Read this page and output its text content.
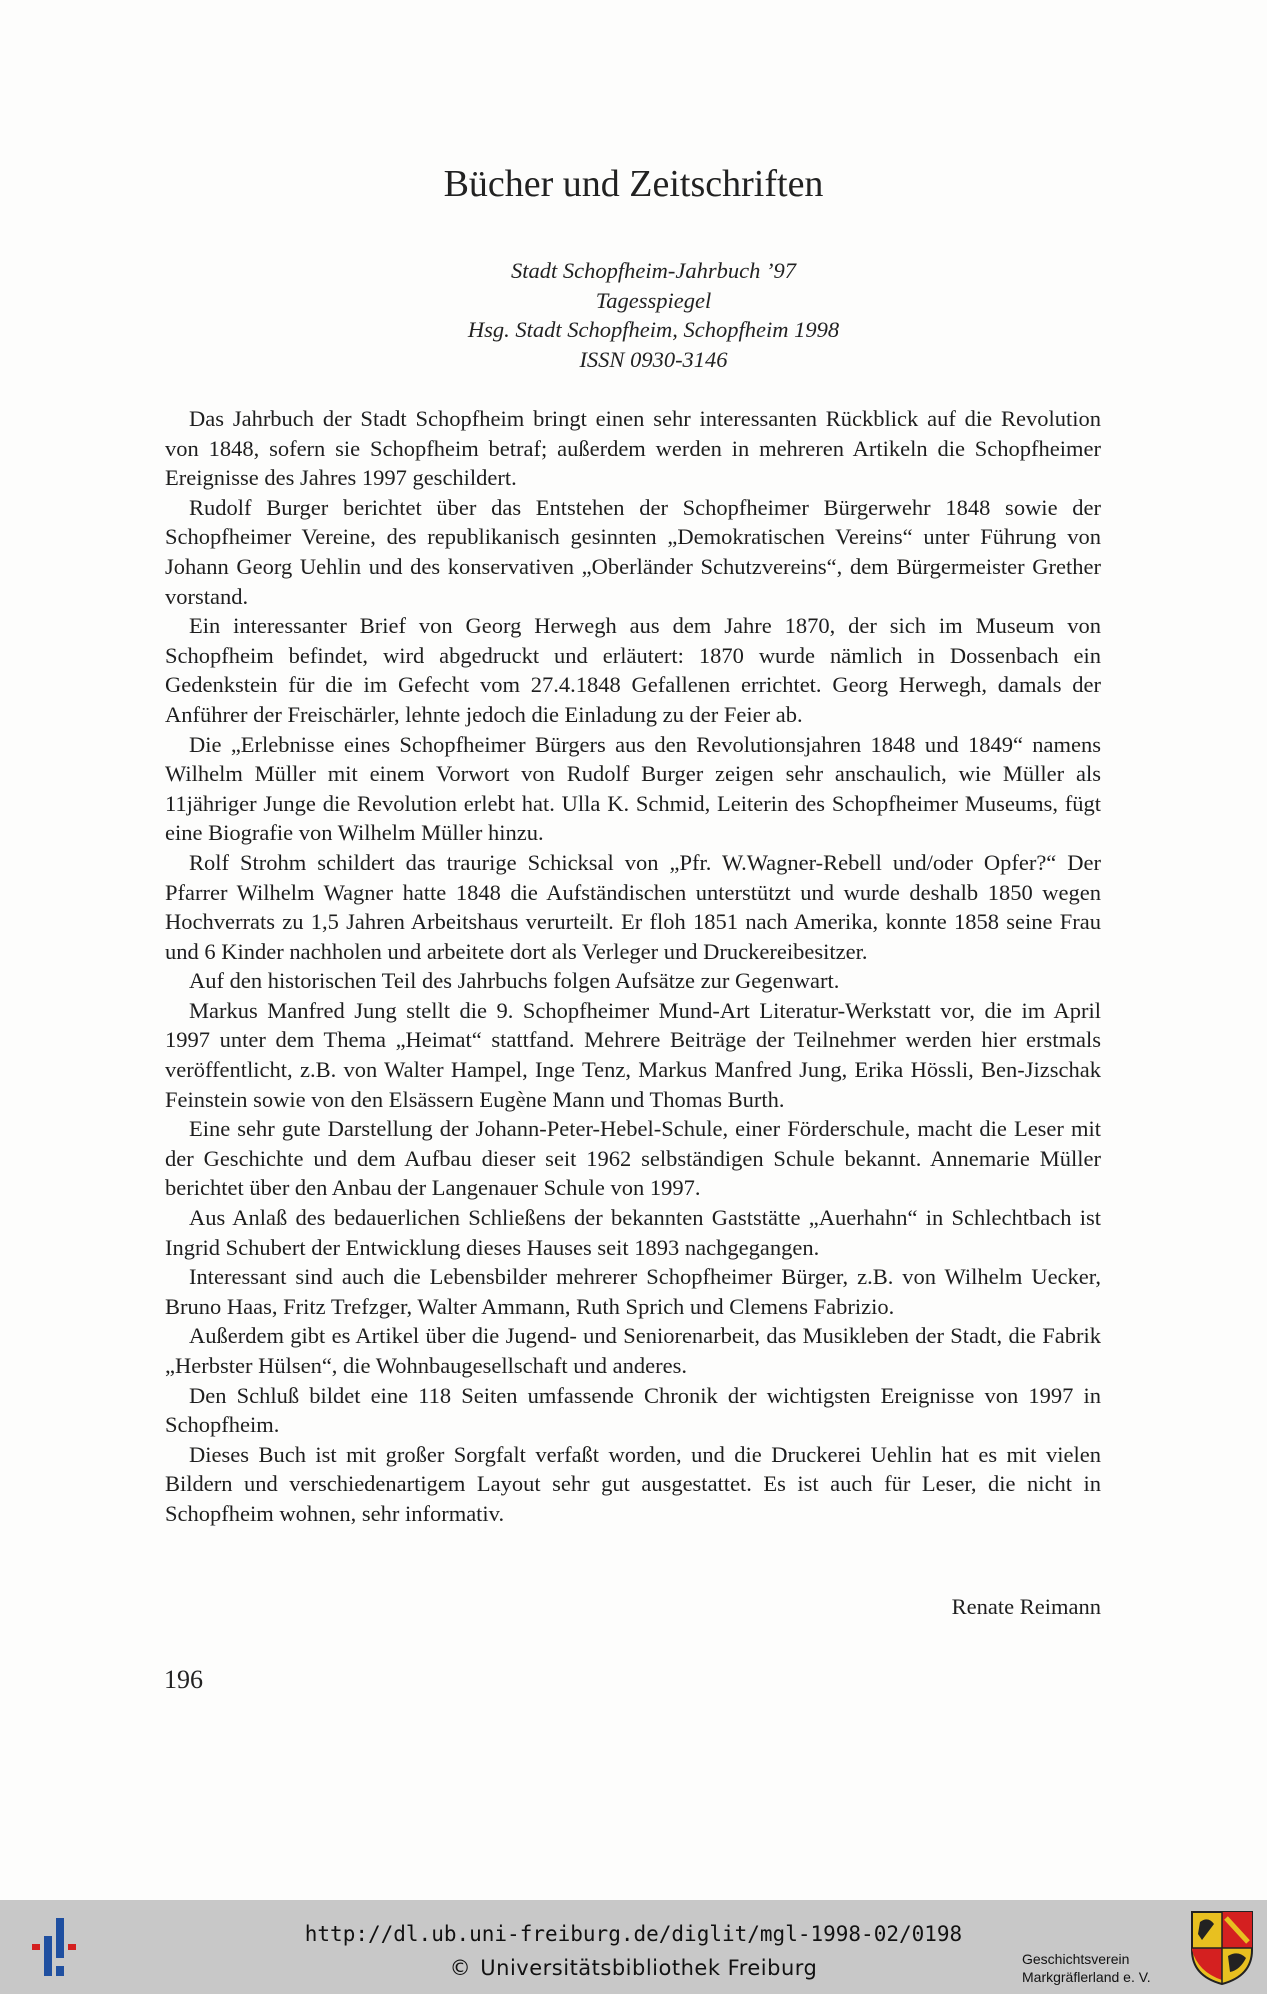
Bücher und Zeitschriften
Stadt Schopfheim-Jahrbuch ’97
Tagesspiegel
Hsg. Stadt Schopfheim, Schopfheim 1998
ISSN 0930-3146

Das Jahrbuch der Stadt Schopfheim bringt einen sehr interessanten Rückblick auf die Revolution von 1848, sofern sie Schopfheim betraf; außerdem werden in mehreren Artikeln die Schopfheimer Ereignisse des Jahres 1997 geschildert.

Rudolf Burger berichtet über das Entstehen der Schopfheimer Bürgerwehr 1848 sowie der Schopfheimer Vereine, des republikanisch gesinnten „Demokratischen Vereins“ unter Führung von Johann Georg Uehlin und des konservativen „Oberländer Schutzvereins“, dem Bürgermeister Grether vorstand.

Ein interessanter Brief von Georg Herwegh aus dem Jahre 1870, der sich im Museum von Schopfheim befindet, wird abgedruckt und erläutert: 1870 wurde nämlich in Dossenbach ein Gedenkstein für die im Gefecht vom 27.4.1848 Gefallenen errichtet. Georg Herwegh, damals der Anführer der Freischärler, lehnte jedoch die Einladung zu der Feier ab.

Die „Erlebnisse eines Schopfheimer Bürgers aus den Revolutionsjahren 1848 und 1849“ namens Wilhelm Müller mit einem Vorwort von Rudolf Burger zeigen sehr anschaulich, wie Müller als 11jähriger Junge die Revolution erlebt hat. Ulla K. Schmid, Leiterin des Schopfheimer Museums, fügt eine Biografie von Wilhelm Müller hinzu.

Rolf Strohm schildert das traurige Schicksal von „Pfr. W.Wagner-Rebell und/oder Opfer?“ Der Pfarrer Wilhelm Wagner hatte 1848 die Aufständischen unterstützt und wurde deshalb 1850 wegen Hochverrats zu 1,5 Jahren Arbeitshaus verurteilt. Er floh 1851 nach Amerika, konnte 1858 seine Frau und 6 Kinder nachholen und arbeitete dort als Verleger und Druckereibesitzer.

Auf den historischen Teil des Jahrbuchs folgen Aufsätze zur Gegenwart.

Markus Manfred Jung stellt die 9. Schopfheimer Mund-Art Literatur-Werkstatt vor, die im April 1997 unter dem Thema „Heimat“ stattfand. Mehrere Beiträge der Teilnehmer werden hier erstmals veröffentlicht, z.B. von Walter Hampel, Inge Tenz, Markus Manfred Jung, Erika Hössli, Ben-Jizschak Feinstein sowie von den Elsässern Eugène Mann und Thomas Burth.

Eine sehr gute Darstellung der Johann-Peter-Hebel-Schule, einer Förderschule, macht die Leser mit der Geschichte und dem Aufbau dieser seit 1962 selbständigen Schule bekannt. Annemarie Müller berichtet über den Anbau der Langenauer Schule von 1997.

Aus Anlaß des bedauerlichen Schließens der bekannten Gaststätte „Auerhahn“ in Schlechtbach ist Ingrid Schubert der Entwicklung dieses Hauses seit 1893 nachgegangen.

Interessant sind auch die Lebensbilder mehrerer Schopfheimer Bürger, z.B. von Wilhelm Uecker, Bruno Haas, Fritz Trefzger, Walter Ammann, Ruth Sprich und Clemens Fabrizio.

Außerdem gibt es Artikel über die Jugend- und Seniorenarbeit, das Musikleben der Stadt, die Fabrik „Herbster Hülsen“, die Wohnbaugesellschaft und anderes.

Den Schluß bildet eine 118 Seiten umfassende Chronik der wichtigsten Ereignisse von 1997 in Schopfheim.

Dieses Buch ist mit großer Sorgfalt verfaßt worden, und die Druckerei Uehlin hat es mit vielen Bildern und verschiedenartigem Layout sehr gut ausgestattet. Es ist auch für Leser, die nicht in Schopfheim wohnen, sehr informativ.

Renate Reimann
196
http://dl.ub.uni-freiburg.de/diglit/mgl-1998-02/0198
© Universitätsbibliothek Freiburg	Geschichtsverein
Markgräflerland e. V.
